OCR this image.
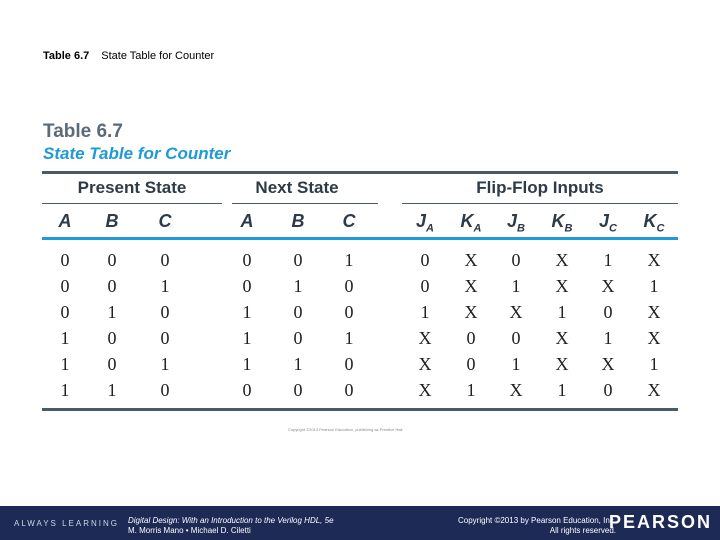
Table 6.7 State Table for Counter
Table 6.7
State Table for Counter
Present State	Next State	Flip-Flop Inputs
A	B	C	A	B	C	$J_A$	$K_A$	$J_B$	$K_B$	$J_C$	$K_C$
0	0	0	0	0	1	0	X	0	X	1	X
0	0	1	0	1	0	0	X	1	X	X	1
0	1	0	1	0	0	1	X	X	1	0	X
1	0	0	1	0	1	X	0	0	X	1	X
1	0	1	1	1	0	X	0	1	X	X	1
1	1	0	0	0	0	X	1	X	1	0	X
Copyright ©2013 Pearson Education, publishing as Prentice Hall
ALWAYS LEARNING Digital Design: With an Introduction to the Verilog HDL, 5e
M. Morris Mano • Michael D. Ciletti
Copyright ©2013 by Pearson Education, Inc.
All rights reserved.
PEARSON
